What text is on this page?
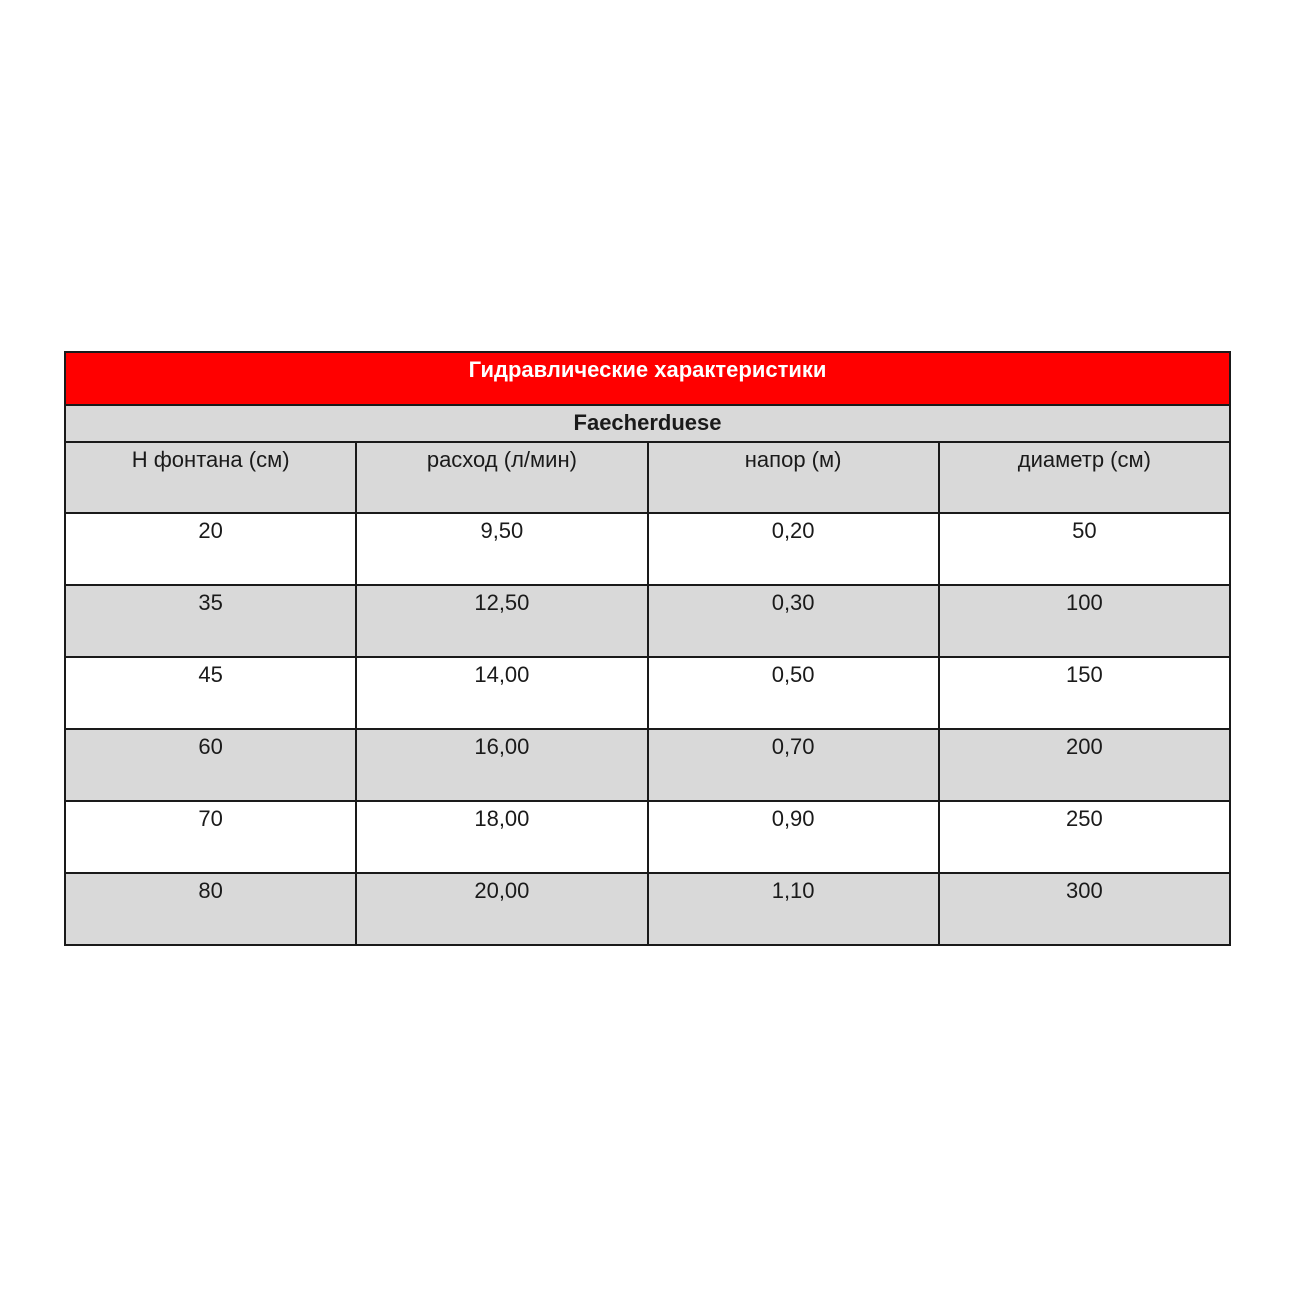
Гидравлические характеристики			
Faecherduese			
Н фонтана (см)	расход (л/мин)	напор (м)	диаметр (см)
20	9,50	0,20	50
35	12,50	0,30	100
45	14,00	0,50	150
60	16,00	0,70	200
70	18,00	0,90	250
80	20,00	1,10	300
